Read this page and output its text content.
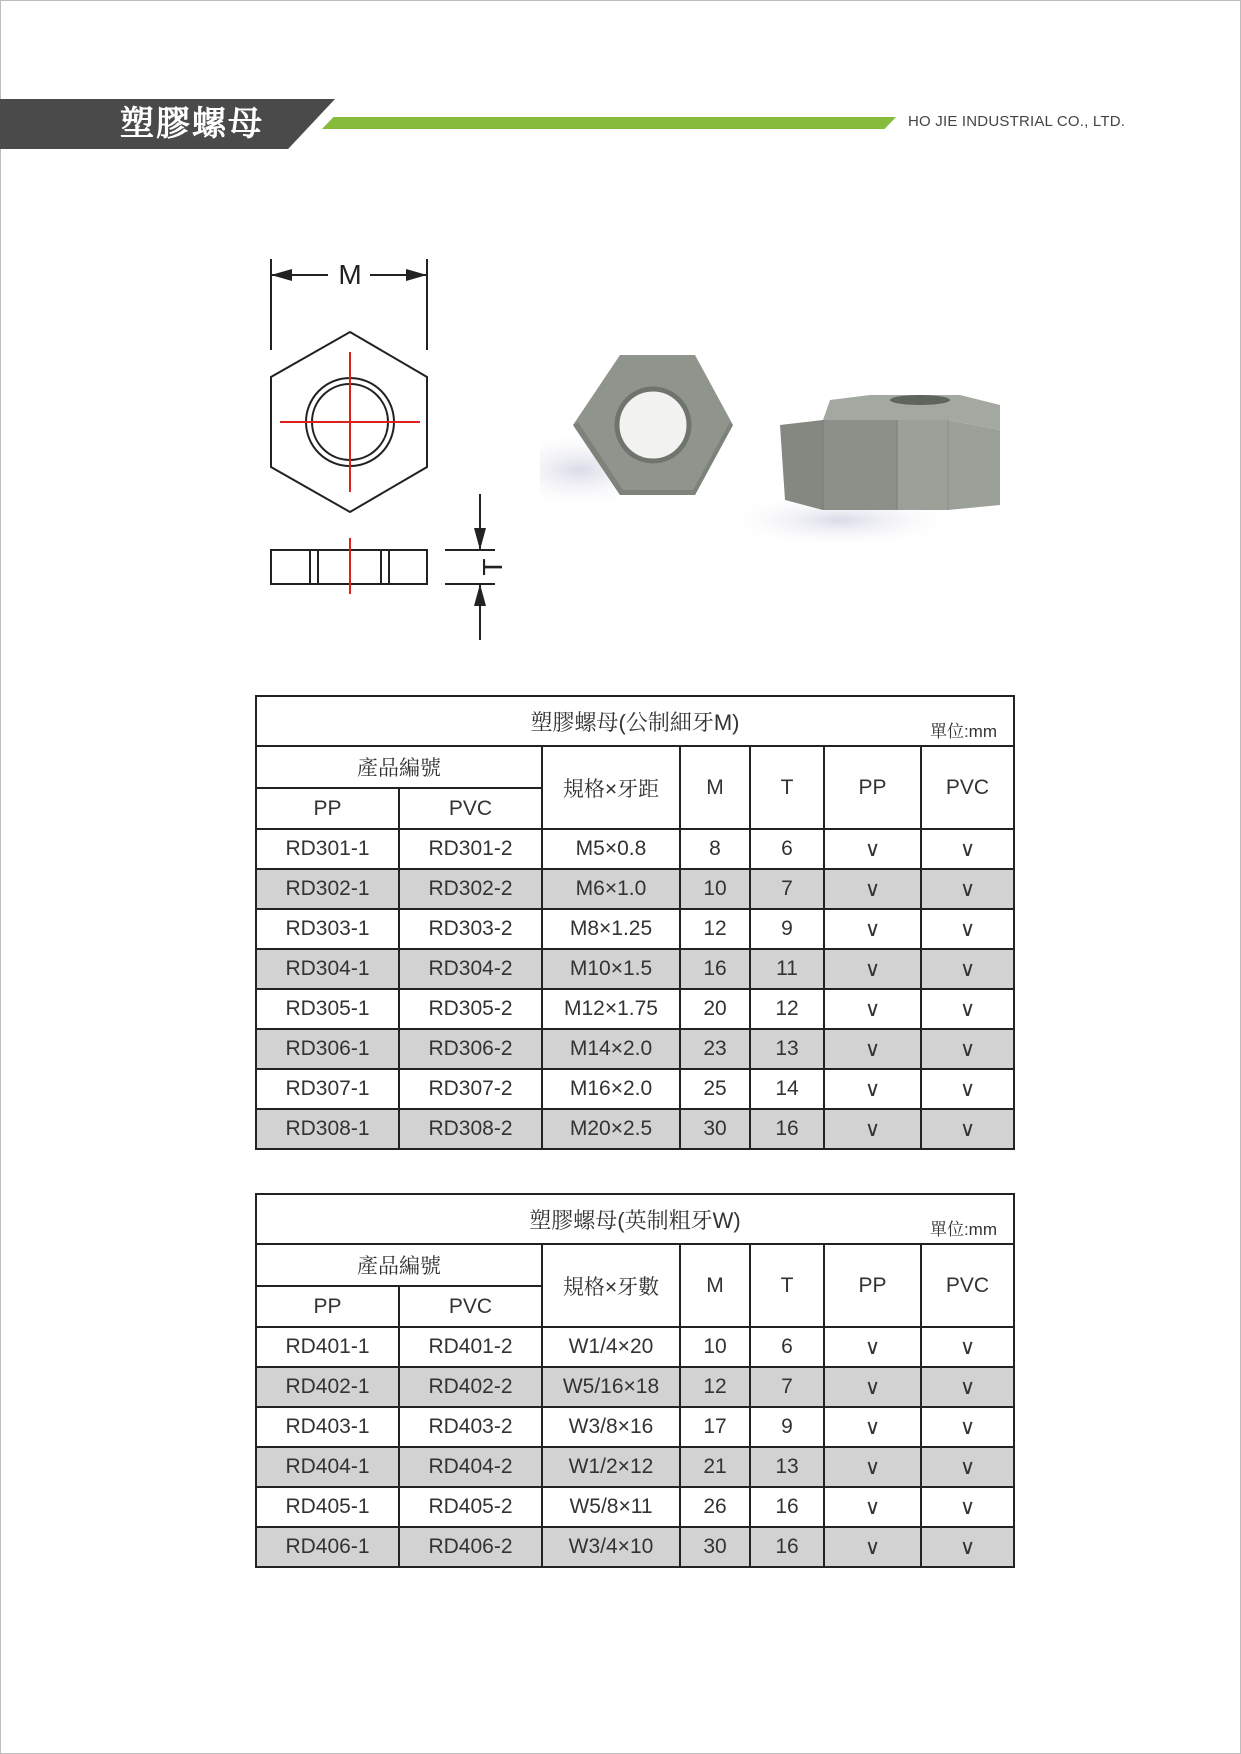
塑膠螺母	HO JIE INDUSTRIAL CO., LTD.
M
T
塑膠螺母(公制細牙M) 單位:mm						

產品編號		規格×牙距	M	T	PP	PVC
PP	PVC					
RD301-1	RD301-2	M5×0.8	8	6	∨	∨
RD302-1	RD302-2	M6×1.0	10	7	∨	∨
RD303-1	RD303-2	M8×1.25	12	9	∨	∨
RD304-1	RD304-2	M10×1.5	16	11	∨	∨
RD305-1	RD305-2	M12×1.75	20	12	∨	∨
RD306-1	RD306-2	M14×2.0	23	13	∨	∨
RD307-1	RD307-2	M16×2.0	25	14	∨	∨
RD308-1	RD308-2	M20×2.5	30	16	∨	∨
塑膠螺母(英制粗牙W) 單位:mm						

產品編號		規格×牙數	M	T	PP	PVC
PP	PVC					
RD401-1	RD401-2	W1/4×20	10	6	∨	∨
RD402-1	RD402-2	W5/16×18	12	7	∨	∨
RD403-1	RD403-2	W3/8×16	17	9	∨	∨
RD404-1	RD404-2	W1/2×12	21	13	∨	∨
RD405-1	RD405-2	W5/8×11	26	16	∨	∨
RD406-1	RD406-2	W3/4×10	30	16	∨	∨
